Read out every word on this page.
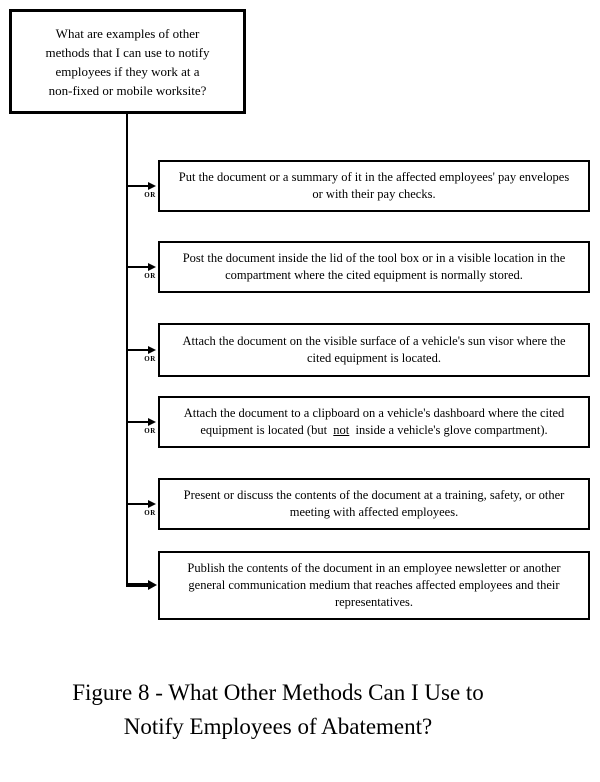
What are examples of other
methods that I can use to notify
employees if they work at a
non-fixed or mobile worksite?
OR
Put the document or a summary of it in the affected employees' pay envelopes
or with their pay checks.
OR
Post the document inside the lid of the tool box or in a visible location in the
compartment where the cited equipment is normally stored.
OR
Attach the document on the visible surface of a vehicle's sun visor where the
cited equipment is located.
OR
Attach the document to a clipboard on a vehicle's dashboard where the cited
equipment is located (but  not  inside a vehicle's glove compartment).
OR
Present or discuss the contents of the document at a training, safety, or other
meeting with affected employees.
Publish the contents of the document in an employee newsletter or another
general communication medium that reaches affected employees and their
representatives.
Figure 8 - What Other Methods Can I Use to
Notify Employees of Abatement?
